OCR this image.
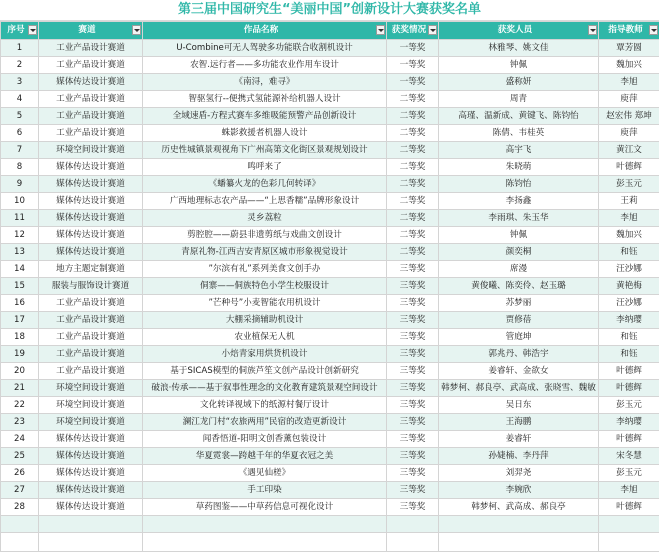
第三届中国研究生“美丽中国”创新设计大赛获奖名单
序号	赛道	作品名称	获奖情况	获奖人员	指导教师

1	工业产品设计赛道	U-Combine可无人驾驶多功能联合收割机设计	一等奖	林雅琴、姚文佳	覃芳圆
2	工业产品设计赛道	农智.远行者——多功能农业作用车设计	一等奖	钟佩	魏加兴
3	媒体传达设计赛道	《南浔，难寻》	一等奖	盛称妍	李旭
4	工业产品设计赛道	智驱氢行--便携式氢能源补给机器人设计	二等奖	周青	庾萍
5	工业产品设计赛道	全域速盾-方程式赛车多维吸能预警产品创新设计	二等奖	高瑾、温新成、黄键飞、陈钧怡	赵宏伟 郑坤
6	工业产品设计赛道	蛛影救援者机器人设计	二等奖	陈倩、韦桂英	庾萍
7	环境空间设计赛道	历史性城镇景观视角下广州高第文化街区景观规划设计	二等奖	高宇飞	黄江文
8	媒体传达设计赛道	鸣呼来了	二等奖	朱晓萌	叶德辉
9	媒体传达设计赛道	《蟠纂火龙的色彩几何转译》	二等奖	陈钧怡	彭玉元
10	媒体传达设计赛道	广西地理标志农产品——“上思香糯”品牌形象设计	二等奖	李扬鑫	王莉
11	媒体传达设计赛道	灵乡荔粒	二等奖	李雨琪、朱玉华	李旭
12	媒体传达设计赛道	剪腔腔——蔚县非遗剪纸与戏曲文创设计	二等奖	钟佩	魏加兴
13	媒体传达设计赛道	青原礼物-江西吉安青原区城市形象视觉设计	二等奖	颜奕桐	和钰
14	地方主题定制赛道	”尔滨有礼”系列美食文创手办	三等奖	席漫	汪沙娜
15	服装与服饰设计赛道	侗寨——侗族特色小学生校服设计	三等奖	黄俊曦、陈奕伶、赵玉璐	黄艳梅
16	工业产品设计赛道	”芒种号”小麦智能农用机设计	三等奖	苏梦丽	汪沙娜
17	工业产品设计赛道	大棚采摘辅助机设计	三等奖	贾修蓓	李纳璎
18	工业产品设计赛道	农业植保无人机	三等奖	管庭坤	和钰
19	工业产品设计赛道	小焙青家用烘货机设计	三等奖	郭兆丹、韩浩宇	和钰
20	工业产品设计赛道	基于SICAS模型的侗族芦笙文创产品设计创新研究	三等奖	姜睿轩、金欲女	叶德辉
21	环境空间设计赛道	破浪·传承——基于叙事性理念的文化教育建筑景观空间设计	三等奖	韩梦柯、郝良亭、武高成、张晓雪、魏敏	叶德辉
22	环境空间设计赛道	文化转译视域下的纸源村餐厅设计	三等奖	吴日东	彭玉元
23	环境空间设计赛道	澜江龙门村“农旅两用”民宿的改造更新设计	三等奖	王海鹏	李纳璎
24	媒体传达设计赛道	闻香悟道-阳明文创香薰包装设计	三等奖	姜睿轩	叶德辉
25	媒体传达设计赛道	华夏霓裳—跨越千年的华夏衣冠之美	三等奖	孙婕楠、李丹萍	宋冬慧
26	媒体传达设计赛道	《遇见仙槎》	三等奖	刘羿尧	彭玉元
27	媒体传达设计赛道	手工印染	三等奖	李婉欣	李旭
28	媒体传达设计赛道	草药图鉴——中草药信息可视化设计	三等奖	韩梦柯、武高成、郝良亭	叶德辉
